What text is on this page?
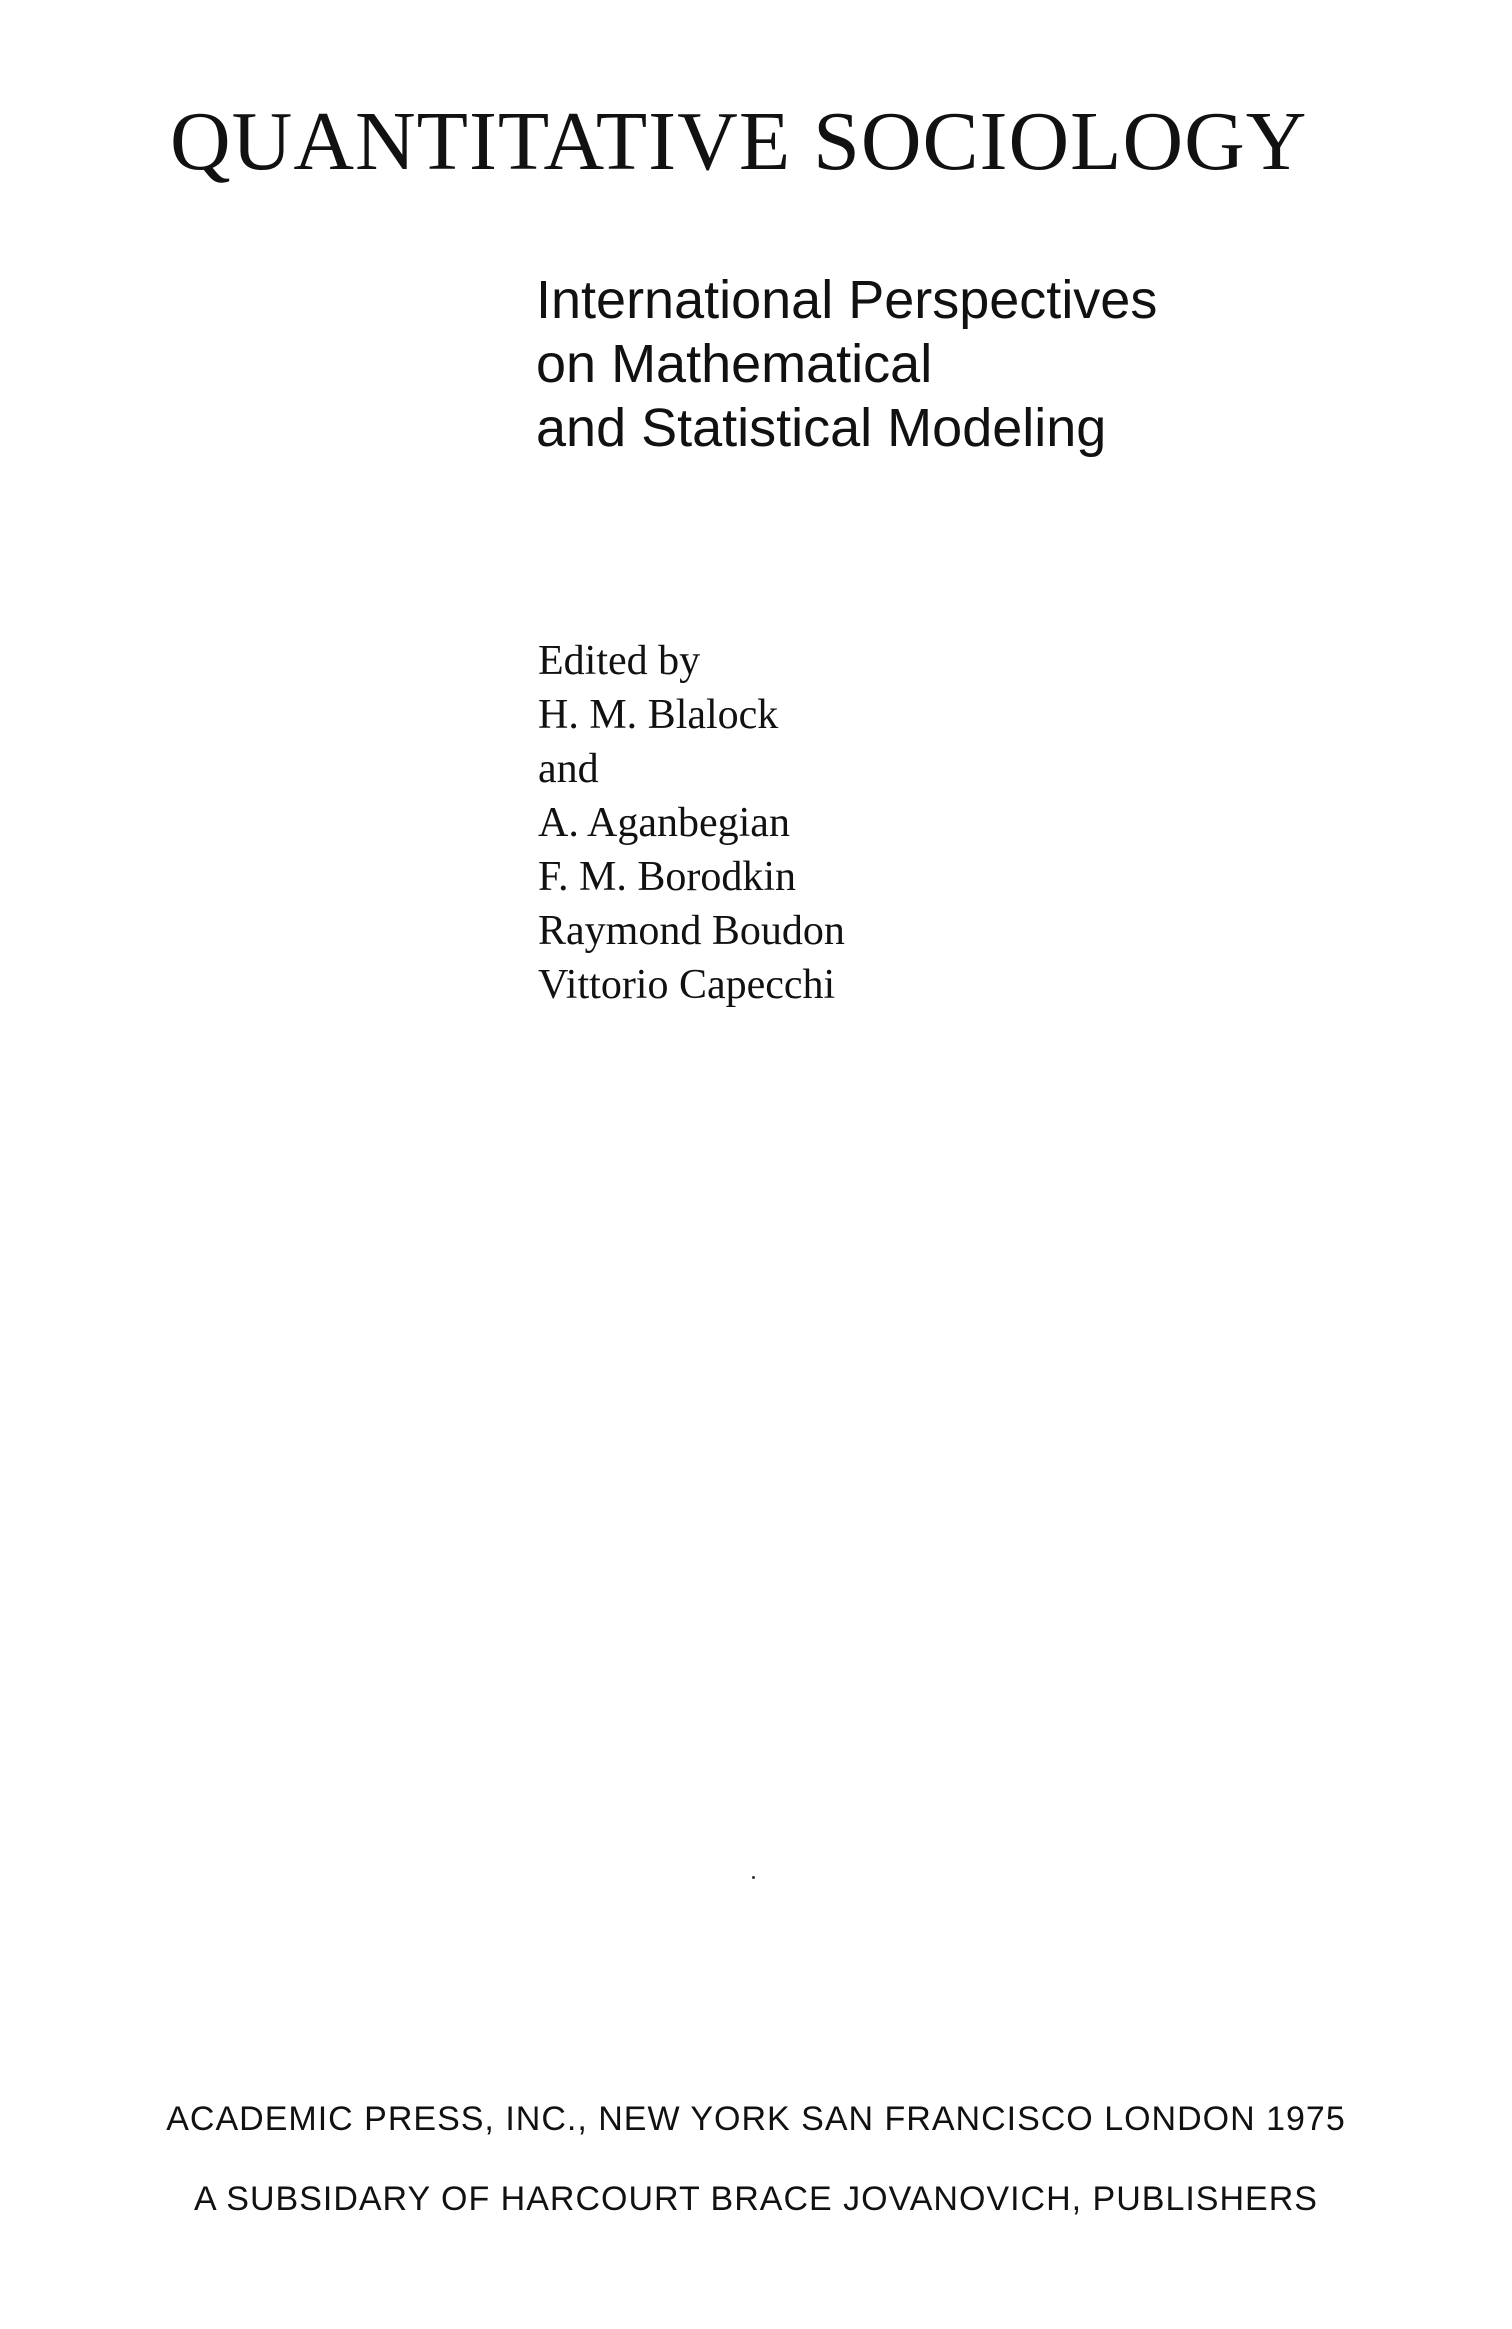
QUANTITATIVE SOCIOLOGY
International Perspectives
on Mathematical
and Statistical Modeling
Edited by
H. M. Blalock
and
A. Aganbegian
F. M. Borodkin
Raymond Boudon
Vittorio Capecchi
ACADEMIC PRESS, INC., NEW YORK SAN FRANCISCO LONDON 1975
A SUBSIDARY OF HARCOURT BRACE JOVANOVICH, PUBLISHERS
